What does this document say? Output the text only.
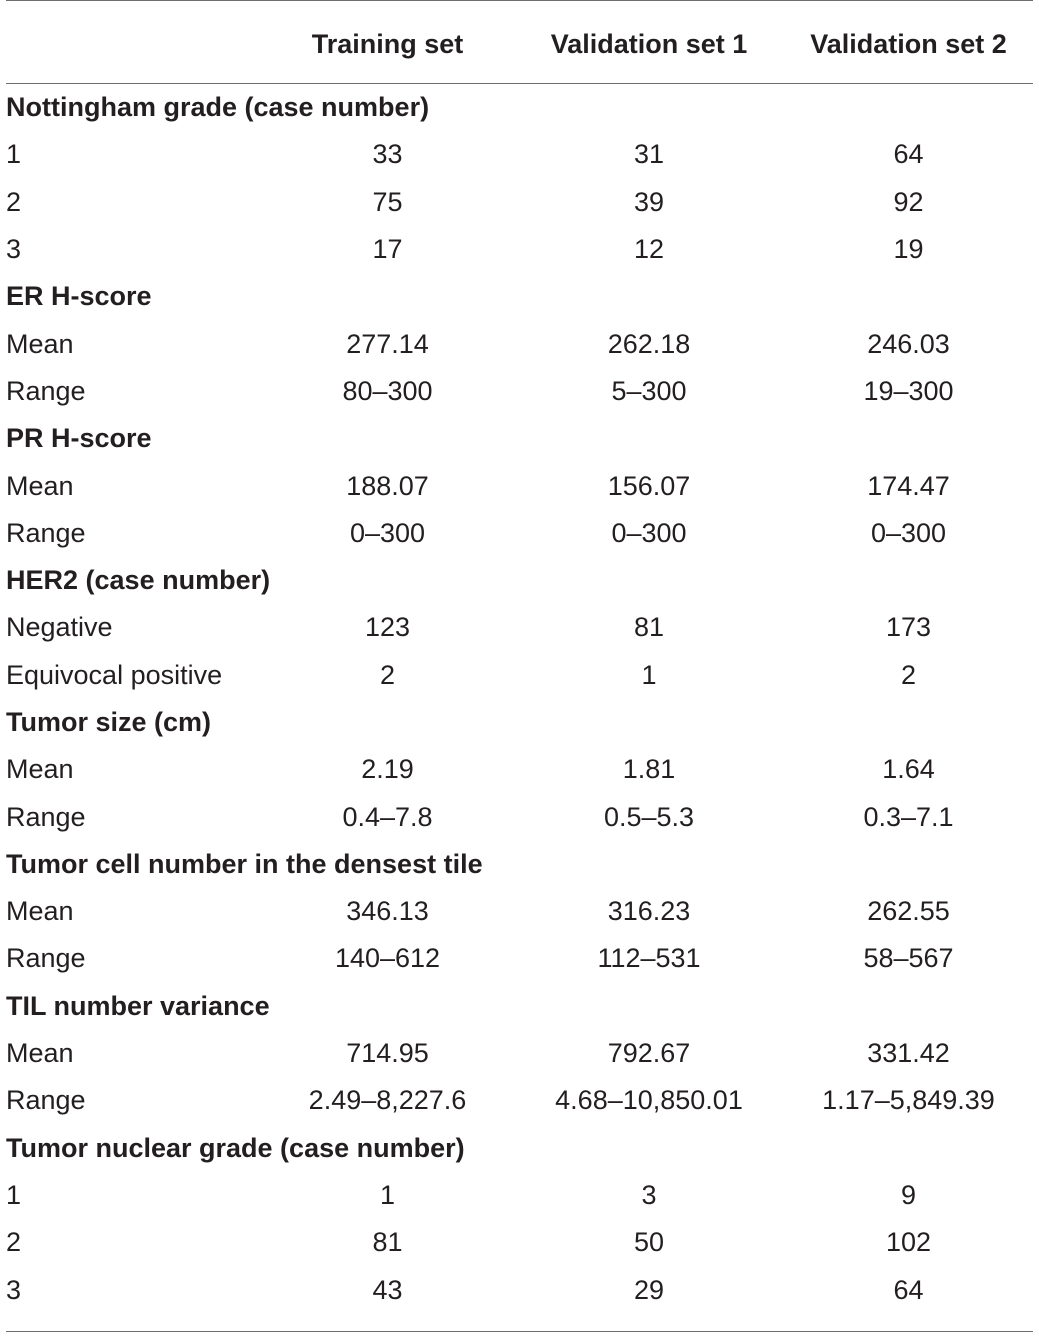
	Training set	Validation set 1	Validation set 2
Nottingham grade (case number)			
1	33	31	64
2	75	39	92
3	17	12	19
ER H-score			
Mean	277.14	262.18	246.03
Range	80–300	5–300	19–300
PR H-score			
Mean	188.07	156.07	174.47
Range	0–300	0–300	0–300
HER2 (case number)			
Negative	123	81	173
Equivocal positive	2	1	2
Tumor size (cm)			
Mean	2.19	1.81	1.64
Range	0.4–7.8	0.5–5.3	0.3–7.1
Tumor cell number in the densest tile			
Mean	346.13	316.23	262.55
Range	140–612	112–531	58–567
TIL number variance			
Mean	714.95	792.67	331.42
Range	2.49–8,227.6	4.68–10,850.01	1.17–5,849.39
Tumor nuclear grade (case number)			
1	1	3	9
2	81	50	102
3	43	29	64
